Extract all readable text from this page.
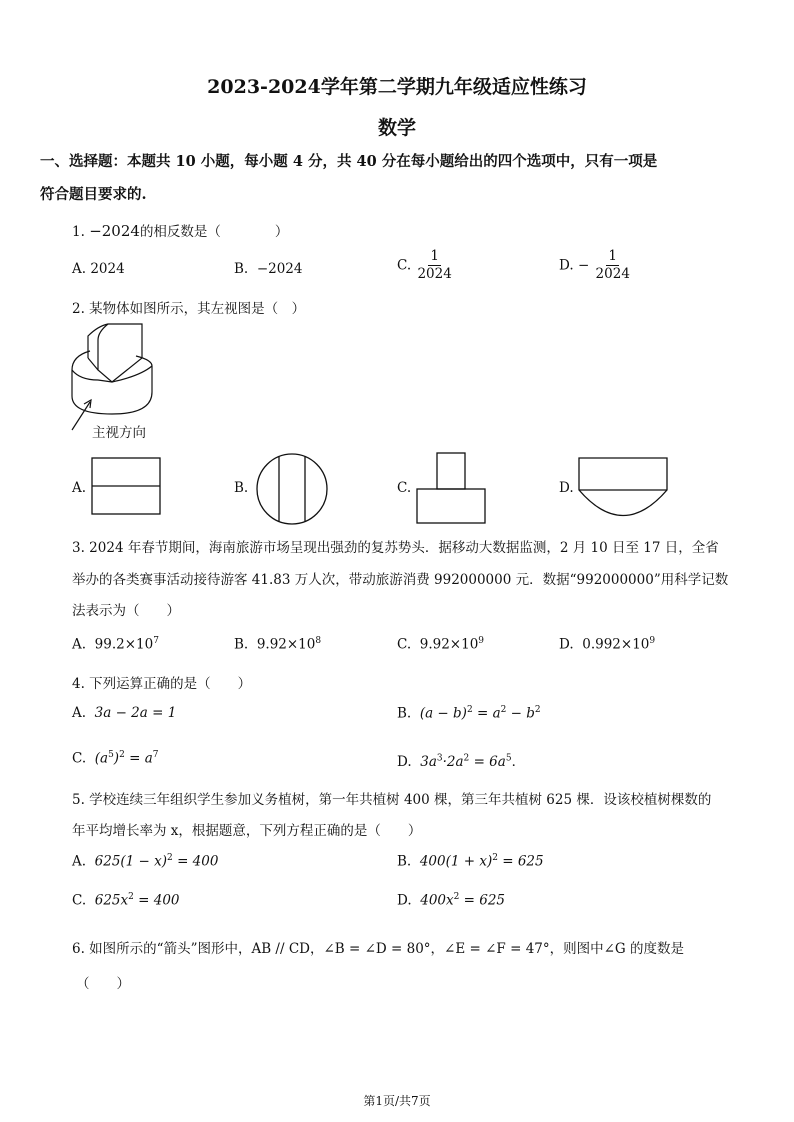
2023-2024学年第二学期九年级适应性练习
数学
一、选择题：本题共 10 小题，每小题 4 分，共 40 分在每小题给出的四个选项中，只有一项是
符合题目要求的.
1. −2024的相反数是（　　　　）
A. 2024	B. −2024	C. $\frac{1}{2024}$	D. − $\frac{1}{2024}$
2. 某物体如图所示，其左视图是（　）
主视方向
A.	B.	C.	D.
3. 2024 年春节期间，海南旅游市场呈现出强劲的复苏势头．据移动大数据监测，2 月 10 日至 17 日，全省
举办的各类赛事活动接待游客 41.83 万人次，带动旅游消费 992000000 元．数据“992000000”用科学记数
法表示为（　　）
A. $99.2\times 10^7$	B. $9.92\times 10^8$	C. $9.92\times 10^9$	D. $0.992\times 10^9$
4. 下列运算正确的是（　　）
A. 3a − 2a = 1	B. $(a - b)^2 = a^2 - b^2$
C. $(a^5)^2 = a^7$	D. $3a^3\cdot 2a^2 = 6a^5$．
5. 学校连续三年组织学生参加义务植树，第一年共植树 400 棵，第三年共植树 625 棵．设该校植树棵数的
年平均增长率为 x，根据题意，下列方程正确的是（　　）
A. $625(1 - x)^2 = 400$	B. $400(1 + x)^2 = 625$
C. $625x^2 = 400$	D. $400x^2 = 625$
6. 如图所示的“箭头”图形中，AB // CD，∠B = ∠D = 80°，∠E = ∠F = 47°，则图中∠G 的度数是
（　　）
第1页/共7页
